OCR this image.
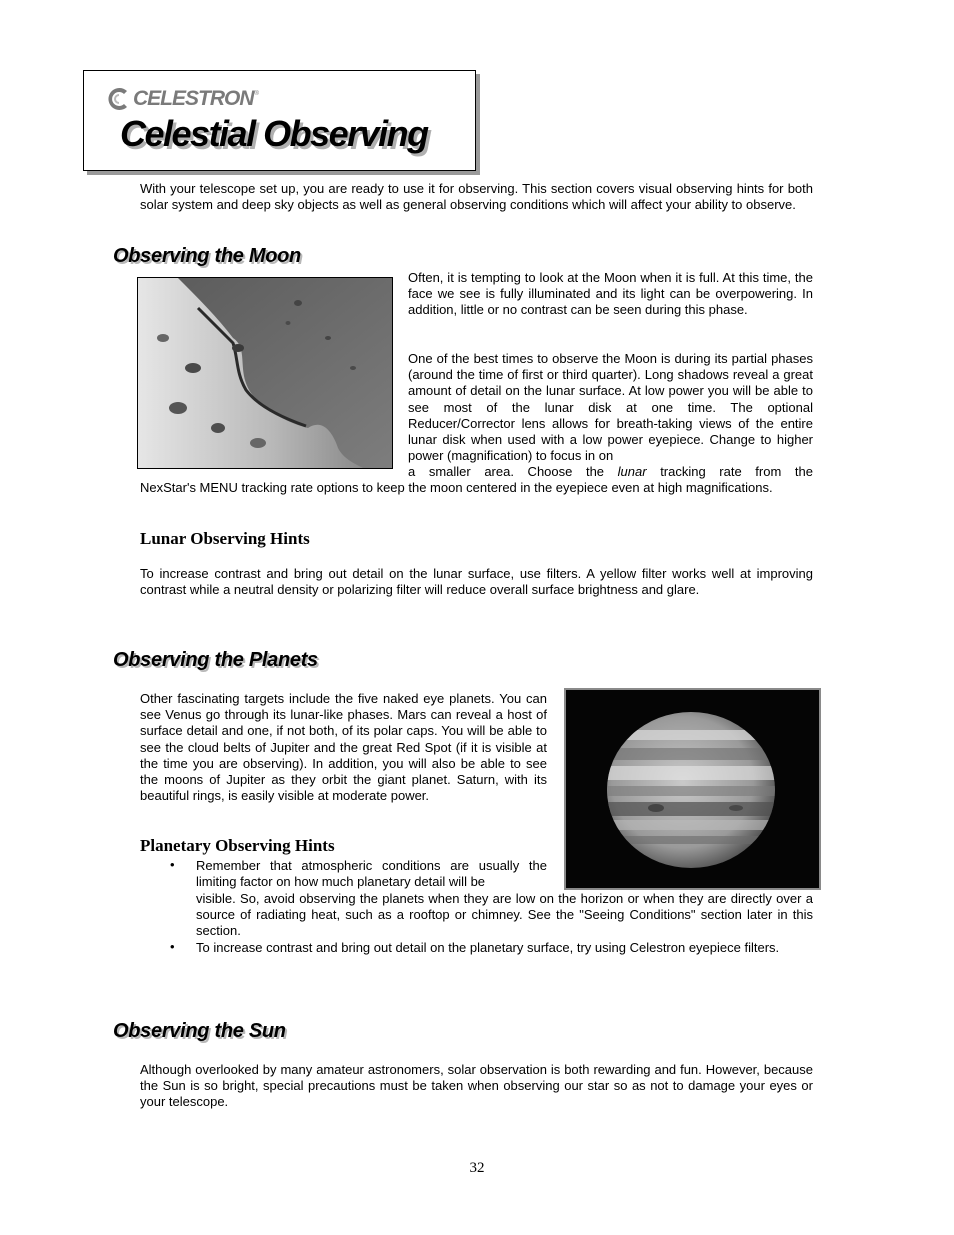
CELESTRON ®
Celestial Observing
With your telescope set up, you are ready to use it for observing. This section covers visual observing hints for both solar system and deep sky objects as well as general observing conditions which will affect your ability to observe.
Observing the Moon
Often, it is tempting to look at the Moon when it is full. At this time, the face we see is fully illuminated and its light can be overpowering. In addition, little or no contrast can be seen during this phase.
One of the best times to observe the Moon is during its partial phases (around the time of first or third quarter). Long shadows reveal a great amount of detail on the lunar surface. At low power you will be able to see most of the lunar disk at one time. The optional Reducer/Corrector lens allows for breath-taking views of the entire lunar disk when used with a low power eyepiece. Change to higher power (magnification) to focus in on
a smaller area. Choose the lunar tracking rate from the
NexStar's MENU tracking rate options to keep the moon centered in the eyepiece even at high magnifications.
Lunar Observing Hints
To increase contrast and bring out detail on the lunar surface, use filters. A yellow filter works well at improving contrast while a neutral density or polarizing filter will reduce overall surface brightness and glare.
Observing the Planets
Other fascinating targets include the five naked eye planets. You can see Venus go through its lunar-like phases. Mars can reveal a host of surface detail and one, if not both, of its polar caps. You will be able to see the cloud belts of Jupiter and the great Red Spot (if it is visible at the time you are observing). In addition, you will also be able to see the moons of Jupiter as they orbit the giant planet. Saturn, with its beautiful rings, is easily visible at moderate power.
Planetary Observing Hints
• Remember that atmospheric conditions are usually the limiting factor on how much planetary detail will be
visible. So, avoid observing the planets when they are low on the horizon or when they are directly over a source of radiating heat, such as a rooftop or chimney. See the "Seeing Conditions" section later in this section.
• To increase contrast and bring out detail on the planetary surface, try using Celestron eyepiece filters.
Observing the Sun
Although overlooked by many amateur astronomers, solar observation is both rewarding and fun. However, because the Sun is so bright, special precautions must be taken when observing our star so as not to damage your eyes or your telescope.
32
